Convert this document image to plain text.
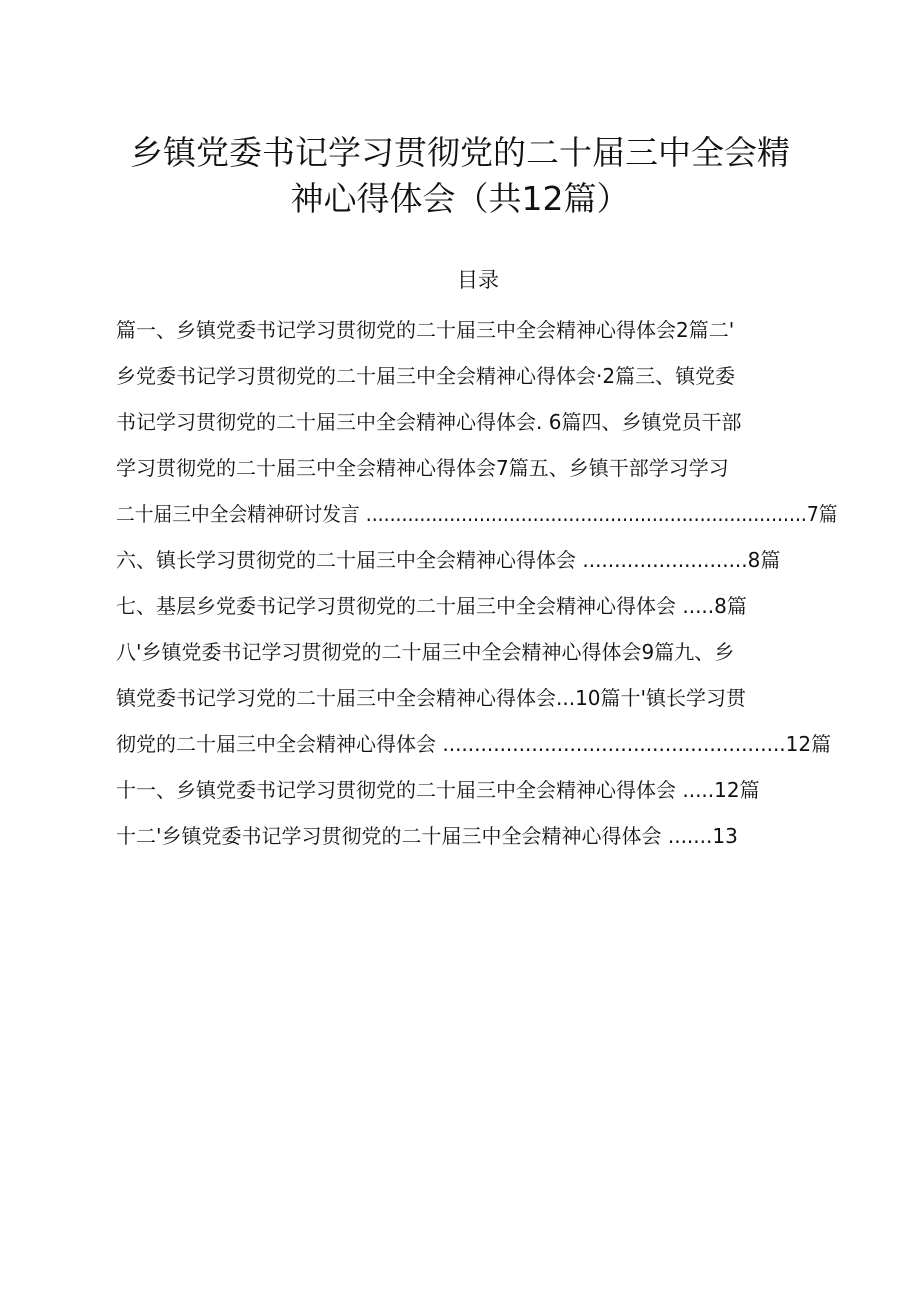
乡镇党委书记学习贯彻党的二十届三中全会精
神心得体会（共12篇）
目录
篇一、乡镇党委书记学习贯彻党的二十届三中全会精神心得体会2篇二'
乡党委书记学习贯彻党的二十届三中全会精神心得体会·2篇三、镇党委
书记学习贯彻党的二十届三中全会精神心得体会. 6篇四、乡镇党员干部
学习贯彻党的二十届三中全会精神心得体会7篇五、乡镇干部学习学习
二十届三中全会精神研讨发言 ..........................................................................7篇
六、镇长学习贯彻党的二十届三中全会精神心得体会 ..........................8篇
七、基层乡党委书记学习贯彻党的二十届三中全会精神心得体会 .....8篇
八'乡镇党委书记学习贯彻党的二十届三中全会精神心得体会9篇九、乡
镇党委书记学习党的二十届三中全会精神心得体会...10篇十'镇长学习贯
彻党的二十届三中全会精神心得体会 ......................................................12篇
十一、乡镇党委书记学习贯彻党的二十届三中全会精神心得体会 .....12篇
十二'乡镇党委书记学习贯彻党的二十届三中全会精神心得体会 .......13
